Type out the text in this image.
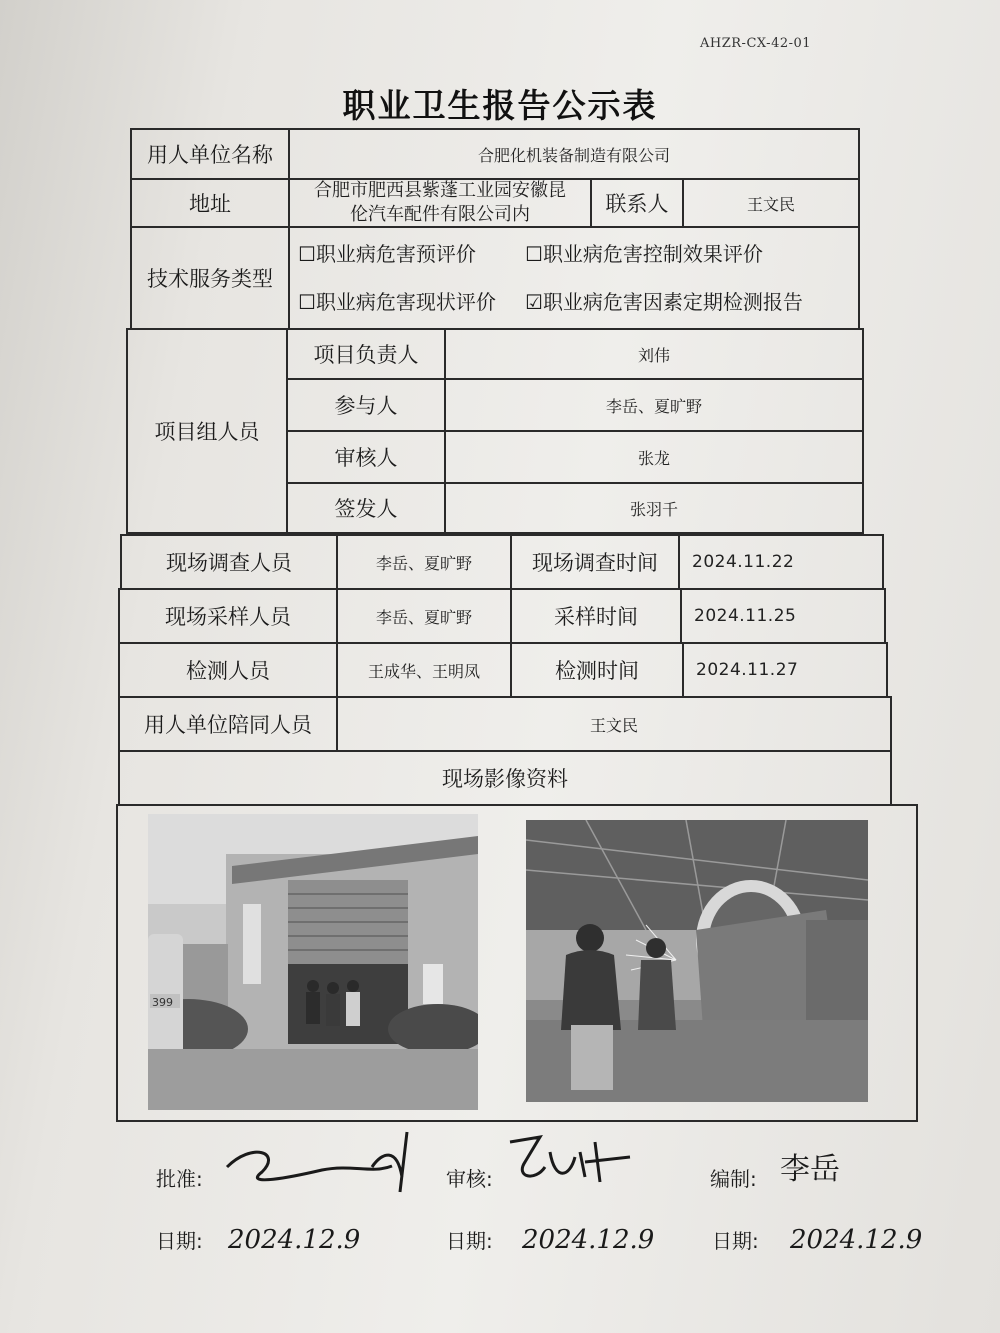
AHZR-CX-42-01
职业卫生报告公示表
用人单位名称	合肥化机装备制造有限公司
地址
合肥市肥西县紫蓬工业园安徽昆
伦汽车配件有限公司内	联系人	王文民
技术服务类型
☐职业病危害预评价 ☐职业病危害控制效果评价
☐职业病危害现状评价 ☑职业病危害因素定期检测报告
项目组人员
项目负责人	刘伟
参与人	李岳、夏旷野
审核人	张龙
签发人	张羽千
现场调查人员	李岳、夏旷野	现场调查时间	2024.11.22
现场采样人员	李岳、夏旷野	采样时间	2024.11.25
检测人员	王成华、王明凤	检测时间	2024.11.27
用人单位陪同人员	王文民
现场影像资料
399
批准:	审核:	编制: 李岳
日期: 2024.12.9	日期: 2024.12.9	日期: 2024.12.9
